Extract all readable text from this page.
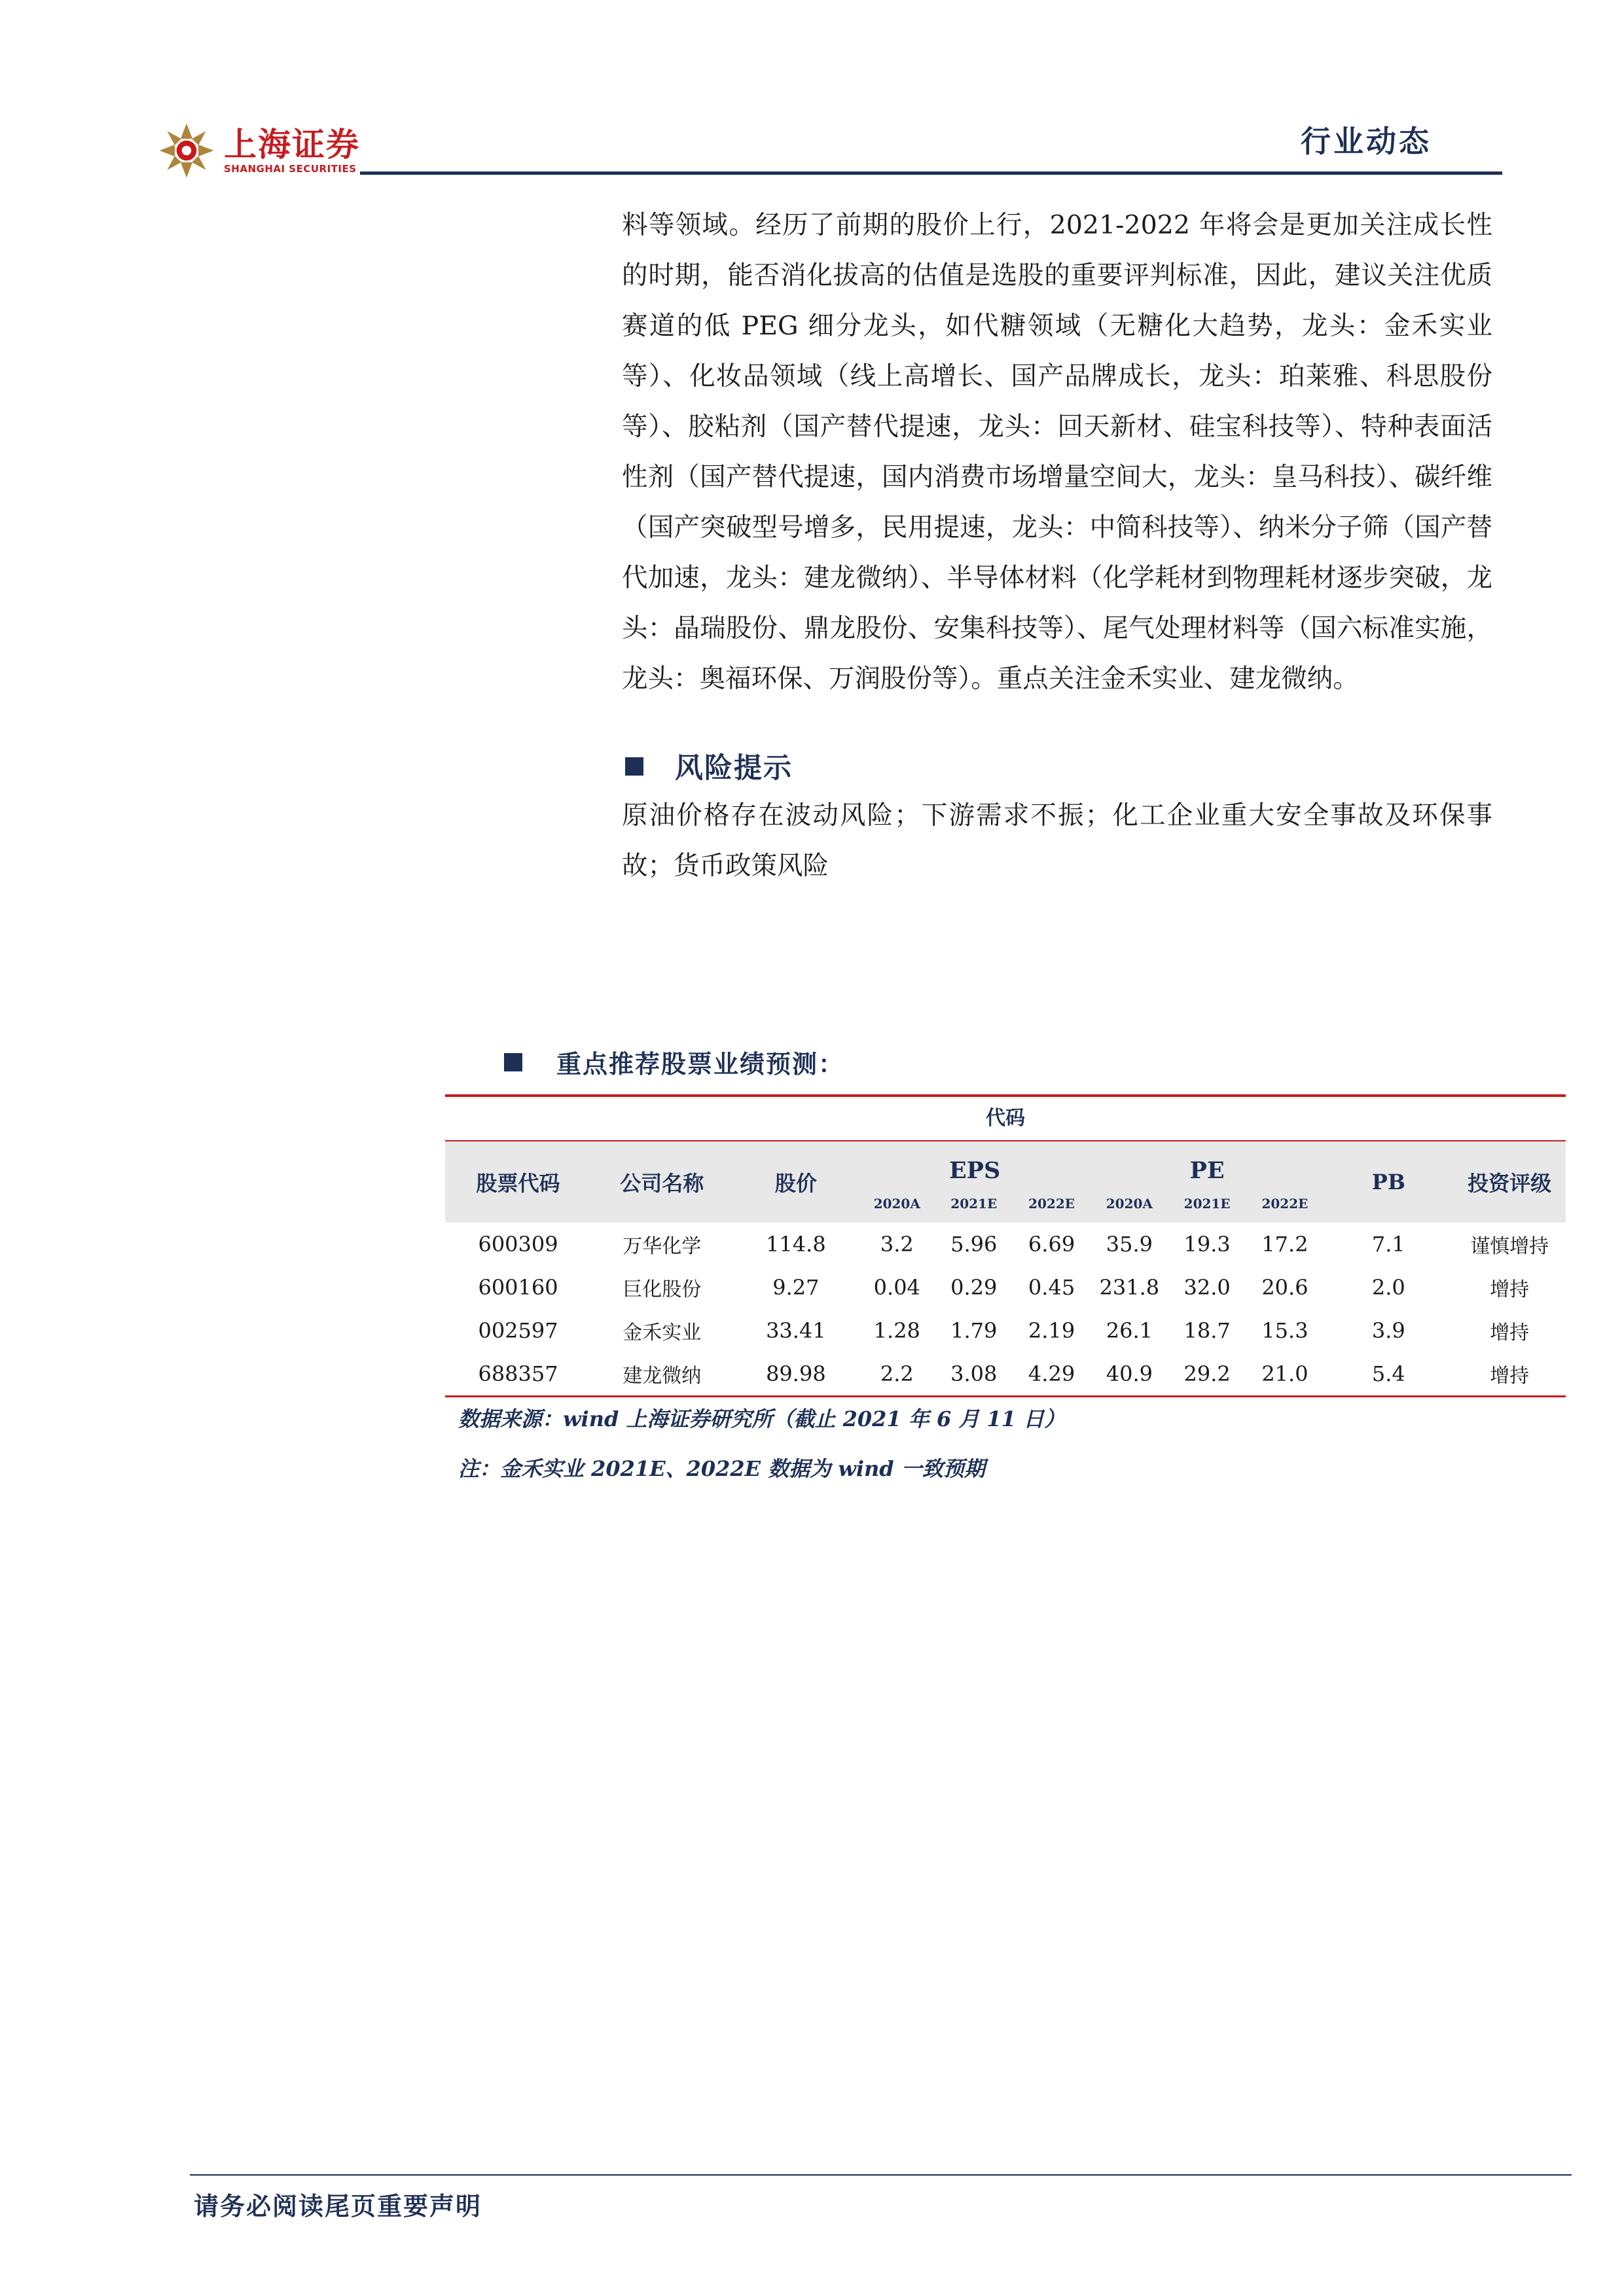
上海证券
SHANGHAI SECURITIES
行业动态
料等领域。经历了前期的股价上行，2021-2022 年将会是更加关注成长性的时期，能否消化拔高的估值是选股的重要评判标准，因此，建议关注优质赛道的低 PEG 细分龙头，如代糖领域（无糖化大趋势，龙头：金禾实业等）、化妆品领域（线上高增长、国产品牌成长，龙头：珀莱雅、科思股份等）、胶粘剂（国产替代提速，龙头：回天新材、硅宝科技等）、特种表面活性剂（国产替代提速，国内消费市场增量空间大，龙头：皇马科技）、碳纤维（国产突破型号增多，民用提速，龙头：中简科技等）、纳米分子筛（国产替代加速，龙头：建龙微纳）、半导体材料（化学耗材到物理耗材逐步突破，龙头：晶瑞股份、鼎龙股份、安集科技等）、尾气处理材料等（国六标准实施，龙头：奥福环保、万润股份等）。重点关注金禾实业、建龙微纳。
风险提示
原油价格存在波动风险；下游需求不振；化工企业重大安全事故及环保事故；货币政策风险
重点推荐股票业绩预测：
代码
股票代码	公司名称	股价	EPS			PE			PB	投资评级
			2020A	2021E	2022E	2020A	2021E	2022E		
600309	万华化学	114.8	3.2	5.96	6.69	35.9	19.3	17.2	7.1	谨慎增持
600160	巨化股份	9.27	0.04	0.29	0.45	231.8	32.0	20.6	2.0	增持
002597	金禾实业	33.41	1.28	1.79	2.19	26.1	18.7	15.3	3.9	增持
688357	建龙微纳	89.98	2.2	3.08	4.29	40.9	29.2	21.0	5.4	增持
数据来源：wind 上海证券研究所（截止 2021 年 6 月 11 日）
注：金禾实业 2021E、2022E 数据为 wind 一致预期
请务必阅读尾页重要声明
